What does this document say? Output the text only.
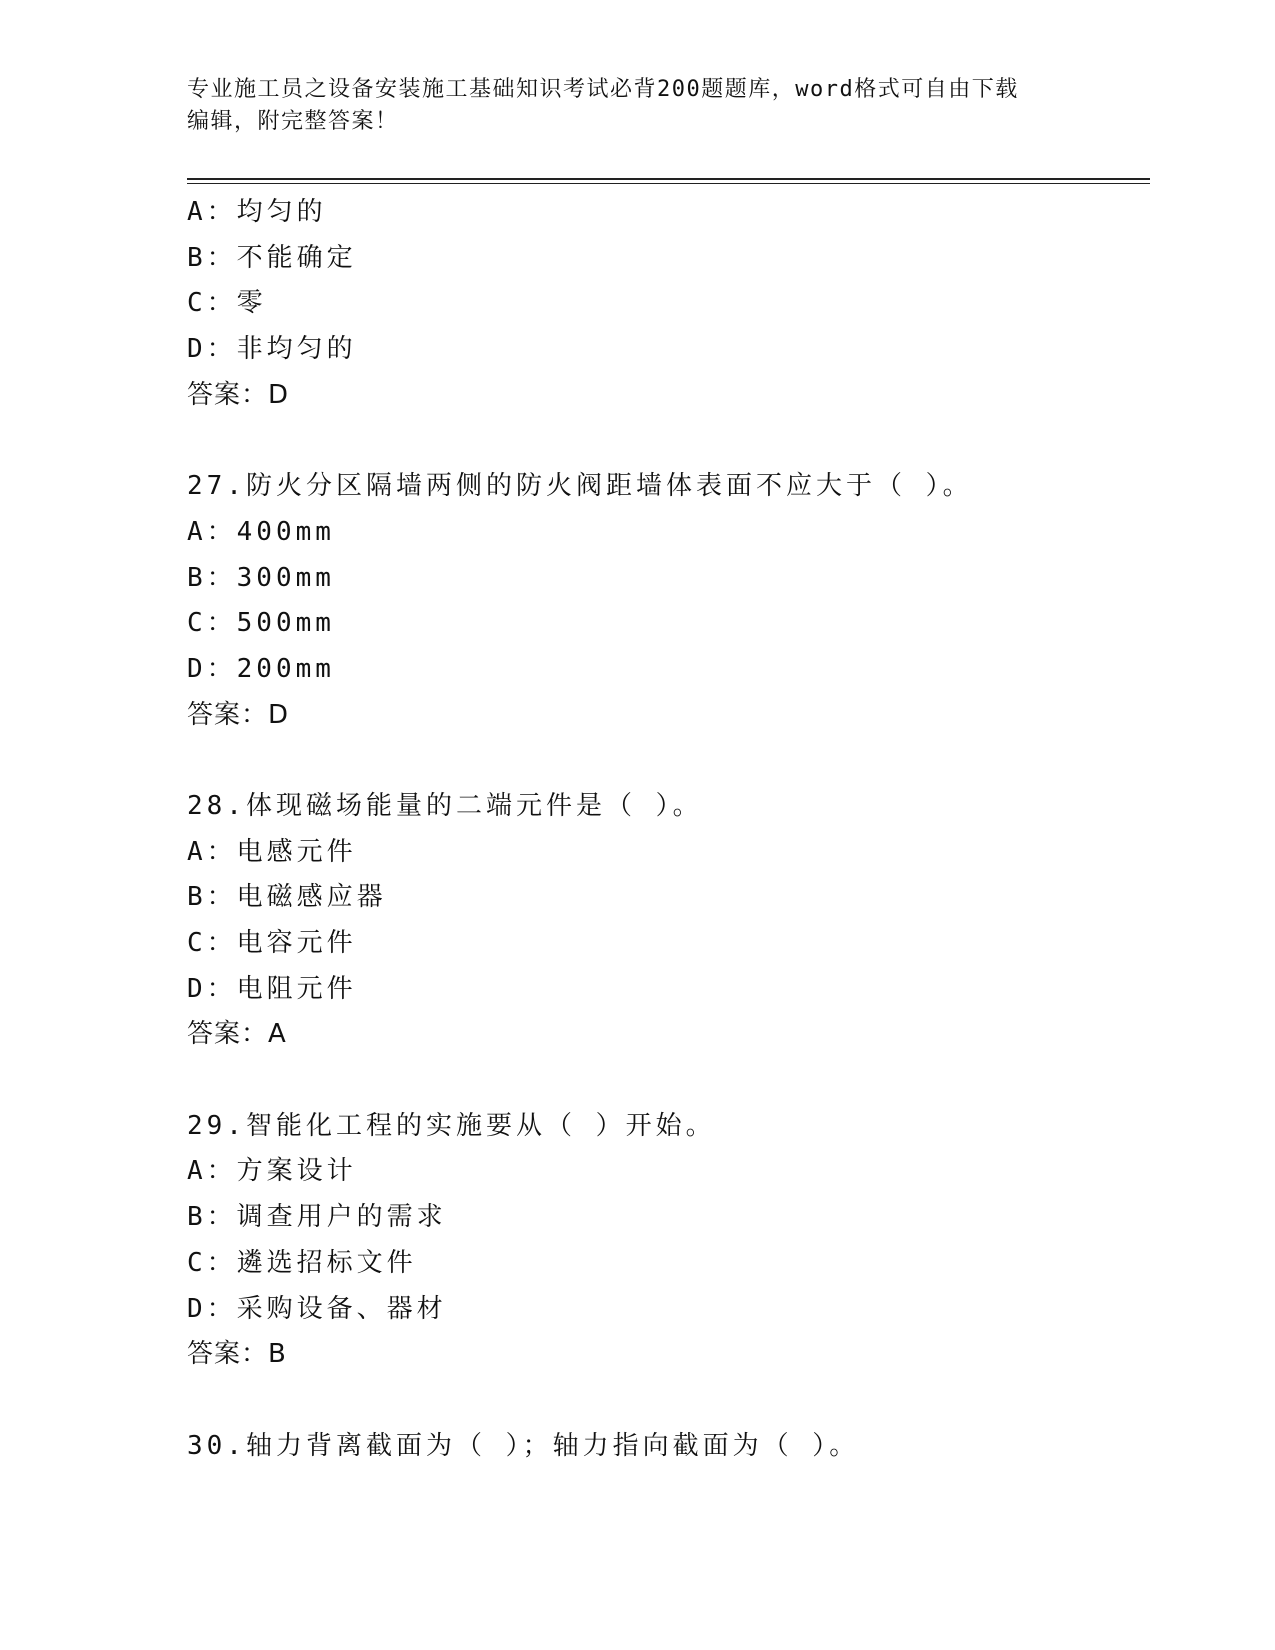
专业施工员之设备安装施工基础知识考试必背200题题库，word格式可自由下载
编辑，附完整答案！
A：均匀的
B：不能确定
C：零
D：非均匀的
答案：D
27.防火分区隔墙两侧的防火阀距墙体表面不应大于（ ）。
A：400mm
B：300mm
C：500mm
D：200mm
答案：D
28.体现磁场能量的二端元件是（ ）。
A：电感元件
B：电磁感应器
C：电容元件
D：电阻元件
答案：A
29.智能化工程的实施要从（ ）开始。
A：方案设计
B：调查用户的需求
C：遴选招标文件
D：采购设备、器材
答案：B
30.轴力背离截面为（ ）；轴力指向截面为（ ）。
